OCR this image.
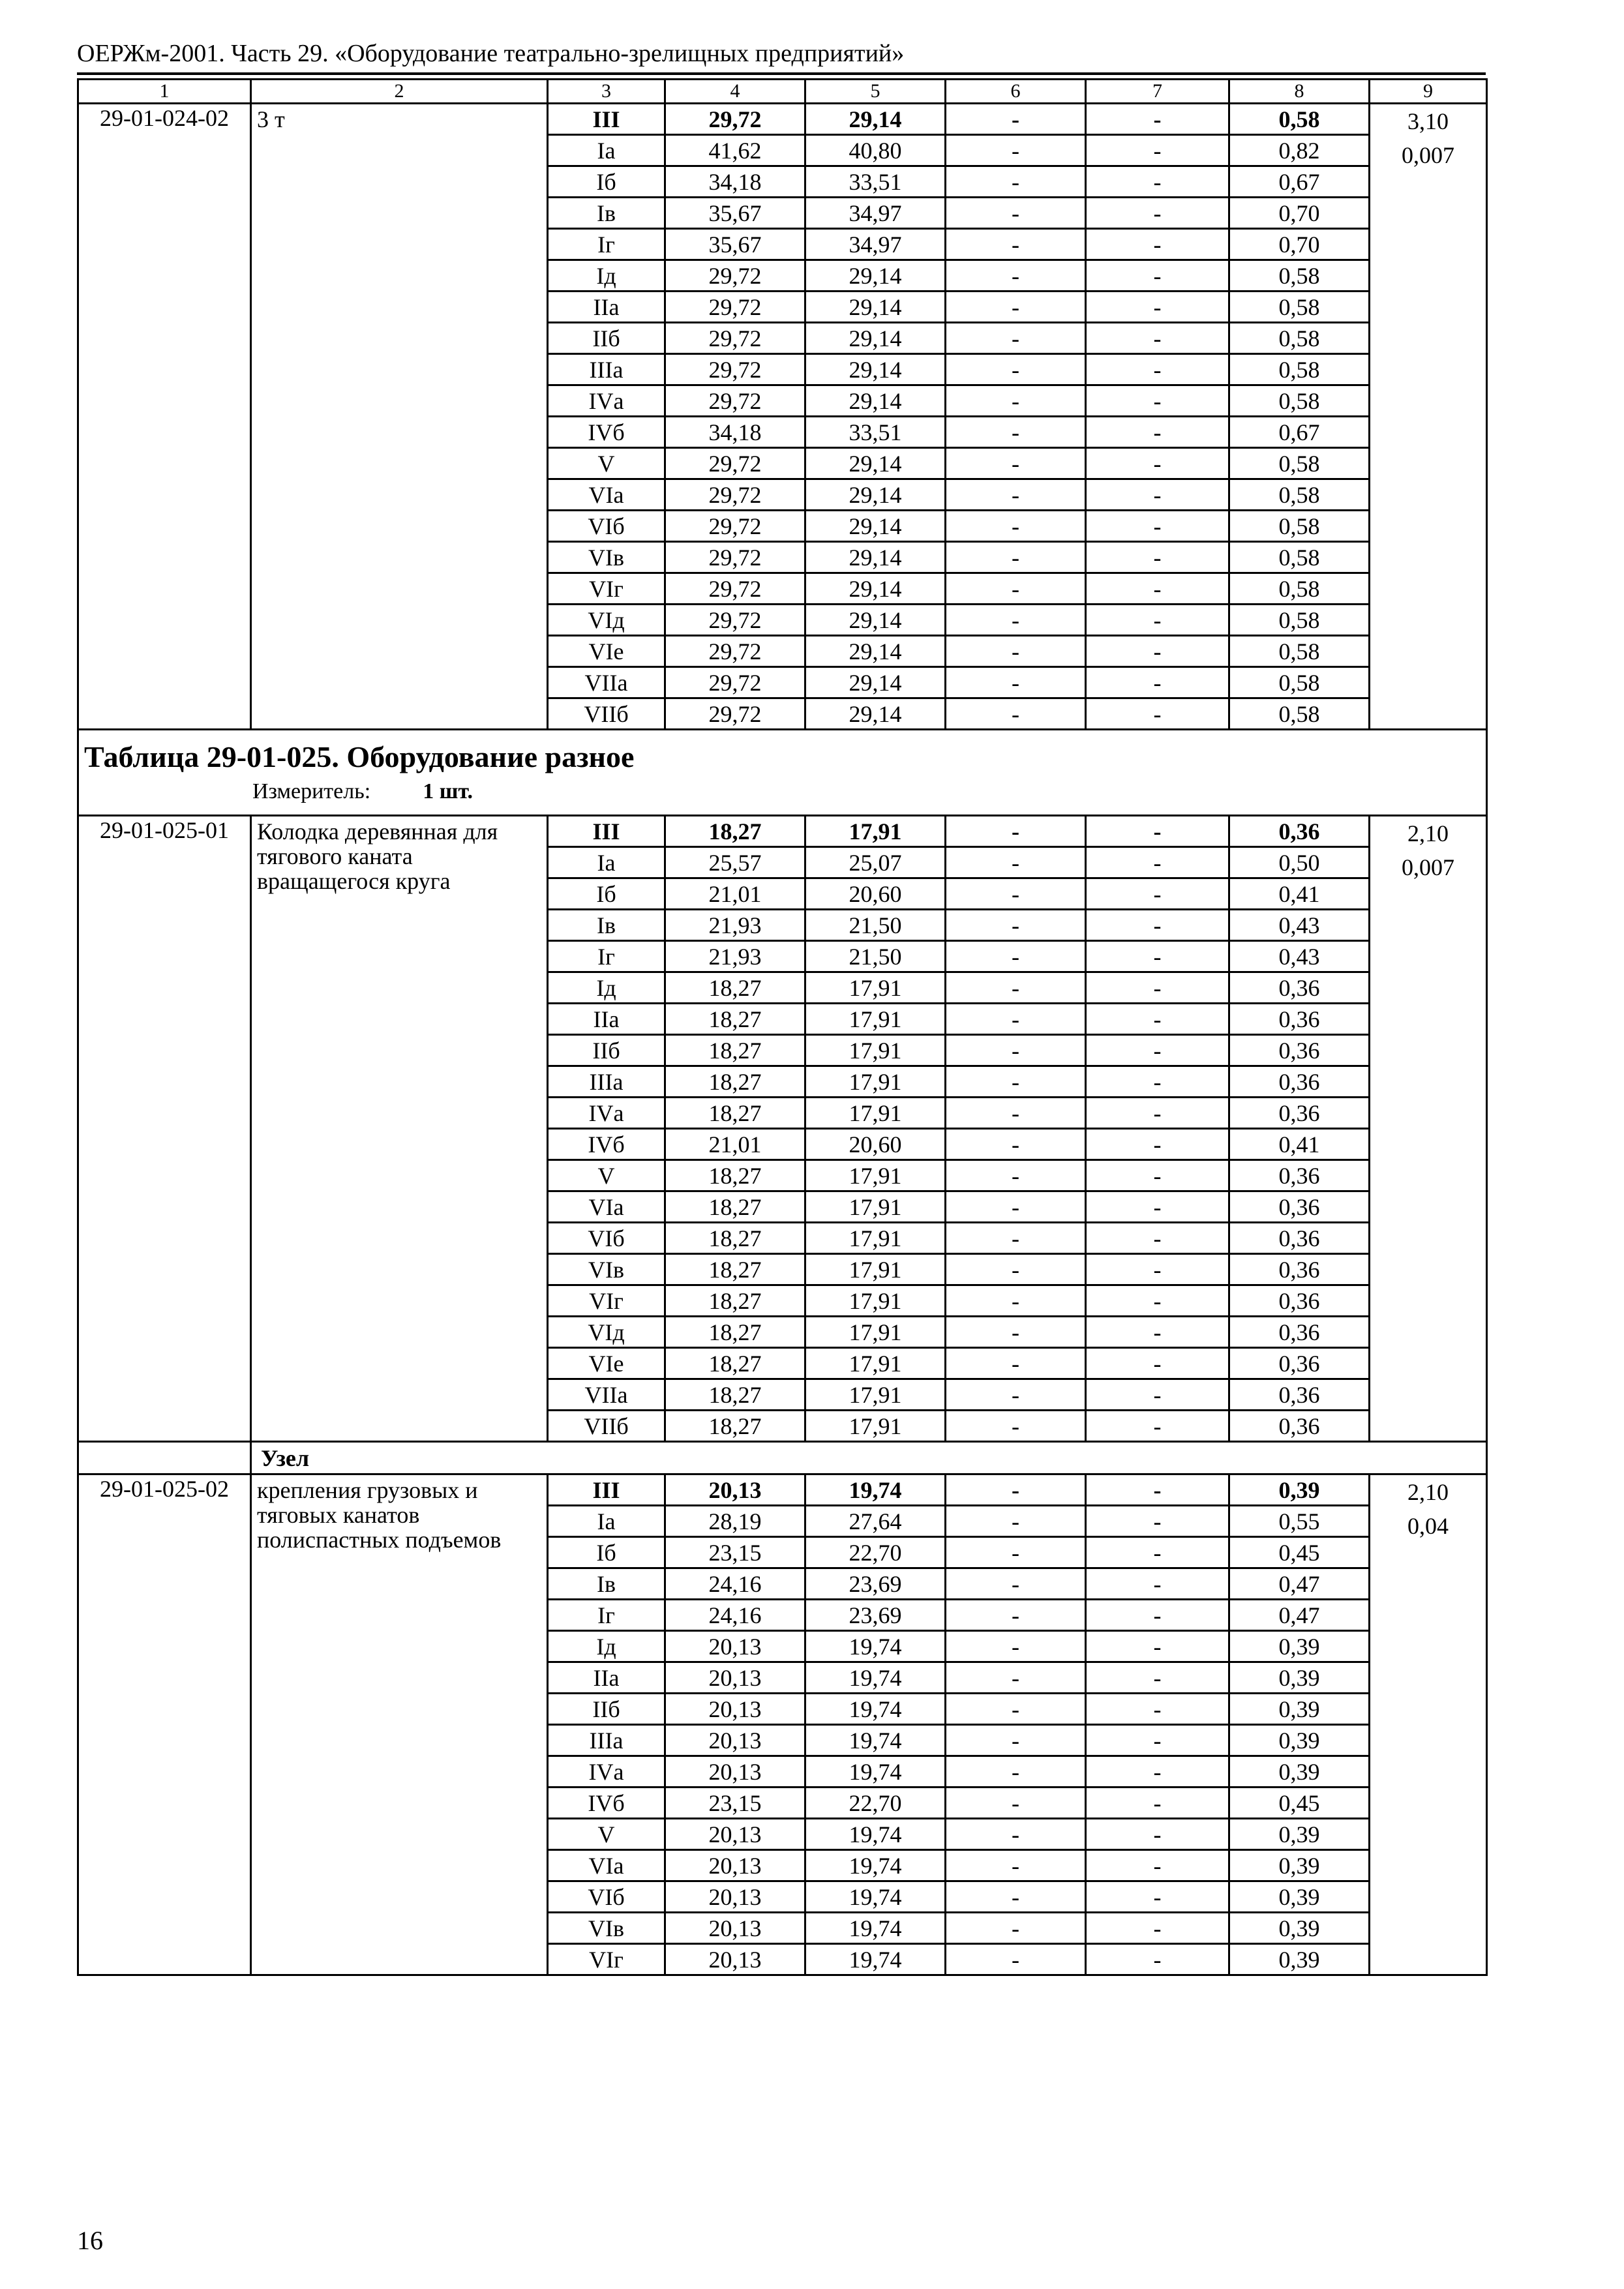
ОЕРЖм-2001. Часть 29. «Оборудование театрально-зрелищных предприятий»
1	2	3	4	5	6	7	8	9
29-01-024-02	3 т	III	29,72	29,14	-	-	0,58	3,10
0,007

		Iа	41,62	40,80	-	-	0,82	
		Iб	34,18	33,51	-	-	0,67	
		Iв	35,67	34,97	-	-	0,70	
		Iг	35,67	34,97	-	-	0,70	
		Iд	29,72	29,14	-	-	0,58	
		IIа	29,72	29,14	-	-	0,58	
		IIб	29,72	29,14	-	-	0,58	
		IIIа	29,72	29,14	-	-	0,58	
		IVа	29,72	29,14	-	-	0,58	
		IVб	34,18	33,51	-	-	0,67	
		V	29,72	29,14	-	-	0,58	
		VIа	29,72	29,14	-	-	0,58	
		VIб	29,72	29,14	-	-	0,58	
		VIв	29,72	29,14	-	-	0,58	
		VIг	29,72	29,14	-	-	0,58	
		VIд	29,72	29,14	-	-	0,58	
		VIе	29,72	29,14	-	-	0,58	
		VIIа	29,72	29,14	-	-	0,58	
		VIIб	29,72	29,14	-	-	0,58	

Таблица 29-01-025. Оборудование разное
Измеритель: 1 шт.								

29-01-025-01	Колодка деревянная для тягового каната вращащегося круга	III	18,27	17,91	-	-	0,36	2,10
0,007

		Iа	25,57	25,07	-	-	0,50	
		Iб	21,01	20,60	-	-	0,41	
		Iв	21,93	21,50	-	-	0,43	
		Iг	21,93	21,50	-	-	0,43	
		Iд	18,27	17,91	-	-	0,36	
		IIа	18,27	17,91	-	-	0,36	
		IIб	18,27	17,91	-	-	0,36	
		IIIа	18,27	17,91	-	-	0,36	
		IVа	18,27	17,91	-	-	0,36	
		IVб	21,01	20,60	-	-	0,41	
		V	18,27	17,91	-	-	0,36	
		VIа	18,27	17,91	-	-	0,36	
		VIб	18,27	17,91	-	-	0,36	
		VIв	18,27	17,91	-	-	0,36	
		VIг	18,27	17,91	-	-	0,36	
		VIд	18,27	17,91	-	-	0,36	
		VIе	18,27	17,91	-	-	0,36	
		VIIа	18,27	17,91	-	-	0,36	
		VIIб	18,27	17,91	-	-	0,36	
	Узел							
29-01-025-02	крепления грузовых и тяговых канатов полиспастных подъемов	III	20,13	19,74	-	-	0,39	2,10
0,04

		Iа	28,19	27,64	-	-	0,55	
		Iб	23,15	22,70	-	-	0,45	
		Iв	24,16	23,69	-	-	0,47	
		Iг	24,16	23,69	-	-	0,47	
		Iд	20,13	19,74	-	-	0,39	
		IIа	20,13	19,74	-	-	0,39	
		IIб	20,13	19,74	-	-	0,39	
		IIIа	20,13	19,74	-	-	0,39	
		IVа	20,13	19,74	-	-	0,39	
		IVб	23,15	22,70	-	-	0,45	
		V	20,13	19,74	-	-	0,39	
		VIа	20,13	19,74	-	-	0,39	
		VIб	20,13	19,74	-	-	0,39	
		VIв	20,13	19,74	-	-	0,39	
		VIг	20,13	19,74	-	-	0,39	
16
